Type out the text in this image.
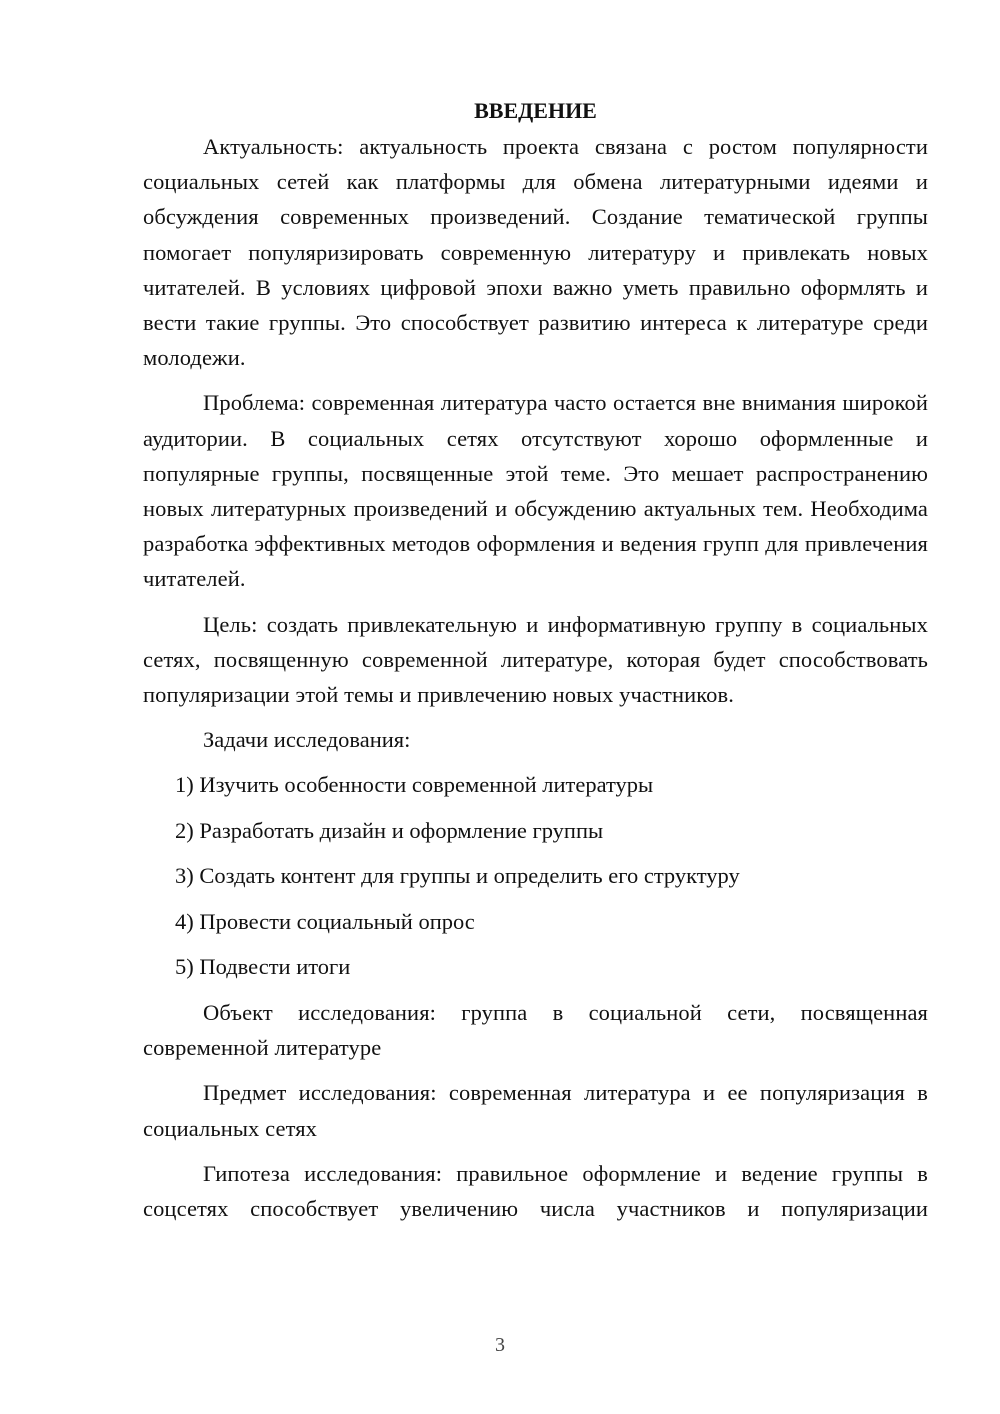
ВВЕДЕНИЕ

Актуальность: актуальность проекта связана с ростом популярности социальных сетей как платформы для обмена литературными идеями и обсуждения современных произведений. Создание тематической группы помогает популяризировать современную литературу и привлекать новых читателей. В условиях цифровой эпохи важно уметь правильно оформлять и вести такие группы. Это способствует развитию интереса к литературе среди молодежи.

Проблема: современная литература часто остается вне внимания широкой аудитории. В социальных сетях отсутствуют хорошо оформленные и популярные группы, посвященные этой теме. Это мешает распространению новых литературных произведений и обсуждению актуальных тем. Необходима разработка эффективных методов оформления и ведения групп для привлечения читателей.

Цель: создать привлекательную и информативную группу в социальных сетях, посвященную современной литературе, которая будет способствовать популяризации этой темы и привлечению новых участников.

Задачи исследования:

1) Изучить особенности современной литературы
2) Разработать дизайн и оформление группы
3) Создать контент для группы и определить его структуру
4) Провести социальный опрос
5) Подвести итоги

Объект исследования: группа в социальной сети, посвященная современной литературе

Предмет исследования: современная литература и ее популяризация в социальных сетях

Гипотеза исследования: правильное оформление и ведение группы в соцсетях способствует увеличению числа участников и популяризации

3
